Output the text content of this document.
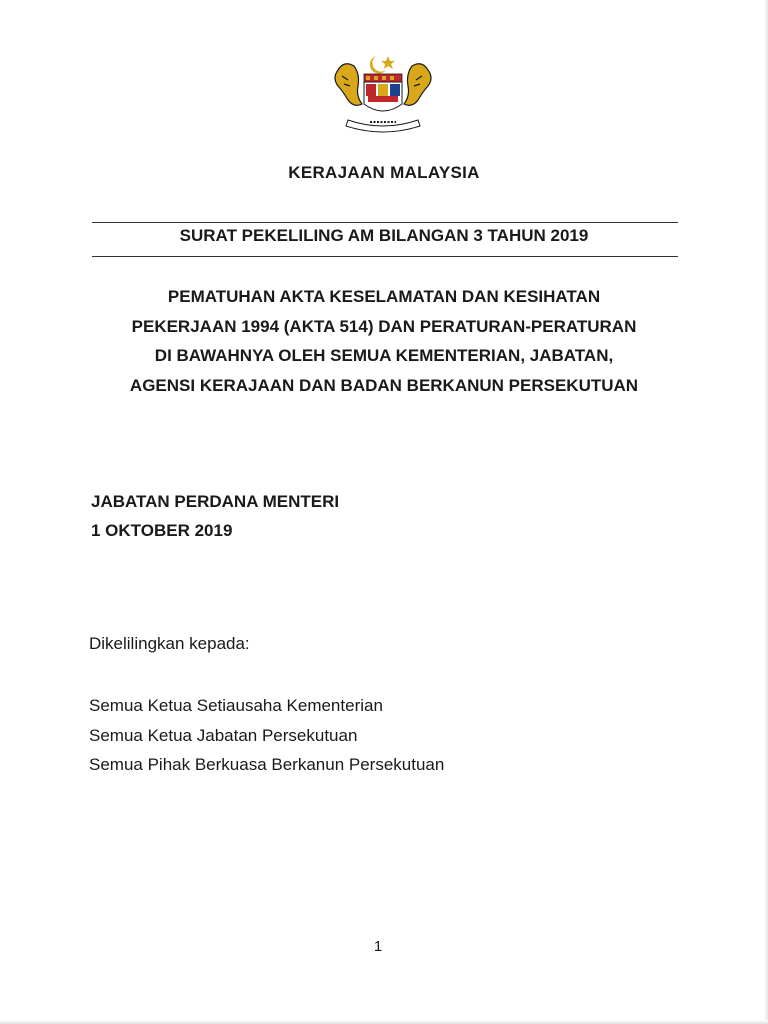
KERAJAAN MALAYSIA
SURAT PEKELILING AM BILANGAN 3 TAHUN 2019
PEMATUHAN AKTA KESELAMATAN DAN KESIHATAN
PEKERJAAN 1994 (AKTA 514) DAN PERATURAN-PERATURAN
DI BAWAHNYA OLEH SEMUA KEMENTERIAN, JABATAN,
AGENSI KERAJAAN DAN BADAN BERKANUN PERSEKUTUAN
JABATAN PERDANA MENTERI
1 OKTOBER 2019
Dikelilingkan kepada:
Semua Ketua Setiausaha Kementerian
Semua Ketua Jabatan Persekutuan
Semua Pihak Berkuasa Berkanun Persekutuan
1
